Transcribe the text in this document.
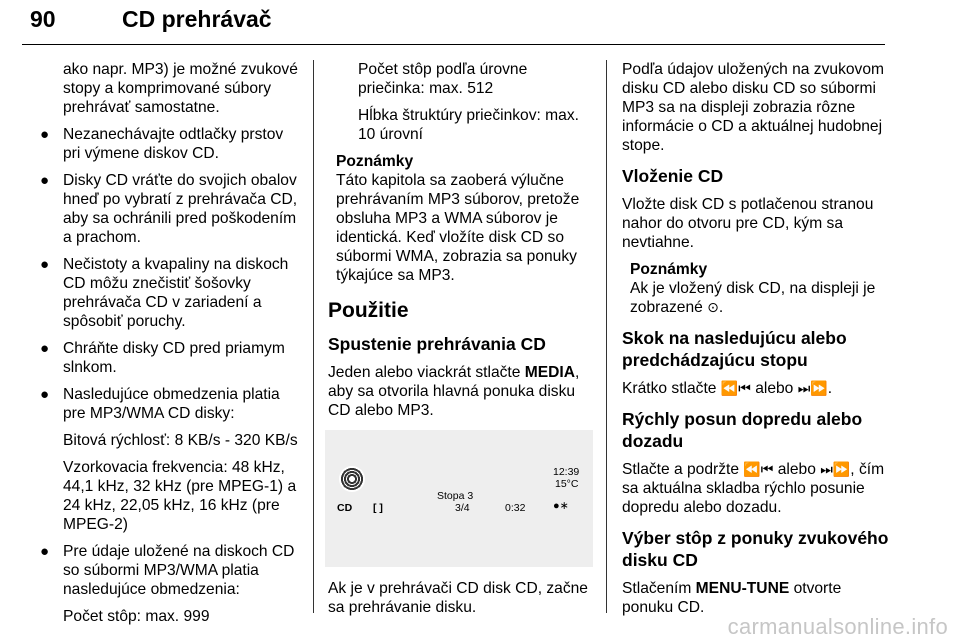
90	CD prehrávač

ako napr. MP3) je možné zvukové stopy a komprimované súbory prehrávať samostatne.

● Nezanechávajte odtlačky prstov pri výmene diskov CD.
● Disky CD vráťte do svojich obalov hneď po vybratí z prehrávača CD, aby sa ochránili pred poškodením a prachom.
● Nečistoty a kvapaliny na diskoch CD môžu znečistiť šošovky prehrávača CD v zariadení a spôsobiť poruchy.
● Chráňte disky CD pred priamym slnkom.
● Nasledujúce obmedzenia platia pre MP3/WMA CD disky:

Bitová rýchlosť: 8 KB/s - 320 KB/s

Vzorkovacia frekvencia: 48 kHz, 44,1 kHz, 32 kHz (pre MPEG-1) a 24 kHz, 22,05 kHz, 16 kHz (pre MPEG-2)

● Pre údaje uložené na diskoch CD so súbormi MP3/WMA platia nasledujúce obmedzenia:

Počet stôp: max. 999

Počet stôp podľa úrovne priečinka: max. 512

Hĺbka štruktúry priečinkov: max. 10 úrovní

Poznámky

Táto kapitola sa zaoberá výlučne prehrávaním MP3 súborov, pretože obsluha MP3 a WMA súborov je identická. Keď vložíte disk CD so súbormi WMA, zobrazia sa ponuky týkajúce sa MP3.

Použitie

Spustenie prehrávania CD

Jeden alebo viackrát stlačte MEDIA, aby sa otvorila hlavná ponuka disku CD alebo MP3.

CD [ ]
Stopa 3
3/4	0:32
12:39
15°C
●∗

Ak je v prehrávači CD disk CD, začne sa prehrávanie disku.

Podľa údajov uložených na zvukovom disku CD alebo disku CD so súbormi MP3 sa na displeji zobrazia rôzne informácie o CD a aktuálnej hudobnej stope.

Vloženie CD

Vložte disk CD s potlačenou stranou nahor do otvoru pre CD, kým sa nevtiahne.

Poznámky

Ak je vložený disk CD, na displeji je zobrazené ⊙.

Skok na nasledujúcu alebo predchádzajúcu stopu

Krátko stlačte ⏪⏮ alebo ⏭⏩.

Rýchly posun dopredu alebo dozadu

Stlačte a podržte ⏪⏮ alebo ⏭⏩, čím sa aktuálna skladba rýchlo posunie dopredu alebo dozadu.

Výber stôp z ponuky zvukového disku CD

Stlačením MENU-TUNE otvorte ponuku CD.

carmanualsonline.info
